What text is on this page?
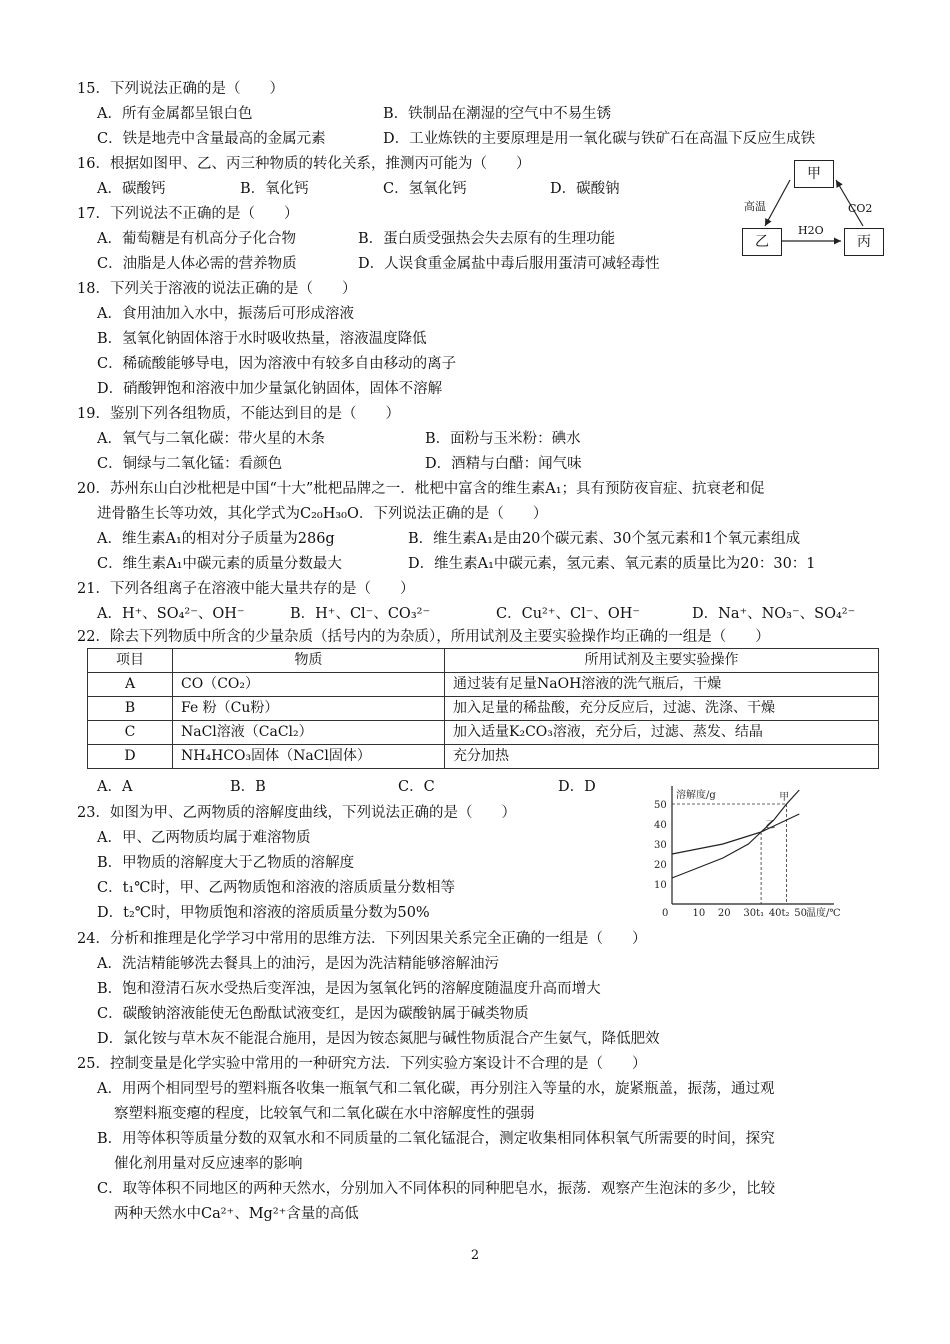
15．下列说法正确的是（　　）
A．所有金属都呈银白色	B．铁制品在潮湿的空气中不易生锈
C．铁是地壳中含量最高的金属元素	D．工业炼铁的主要原理是用一氧化碳与铁矿石在高温下反应生成铁
16．根据如图甲、乙、丙三种物质的转化关系，推测丙可能为（　　）
A．碳酸钙	B．氧化钙	C．氢氧化钙	D．碳酸钠
甲
乙	丙
高温	CO2
H2O
17．下列说法不正确的是（　　）
A．葡萄糖是有机高分子化合物	B．蛋白质受强热会失去原有的生理功能
C．油脂是人体必需的营养物质	D．人误食重金属盐中毒后服用蛋清可减轻毒性
18．下列关于溶液的说法正确的是（　　）
A．食用油加入水中，振荡后可形成溶液
B．氢氧化钠固体溶于水时吸收热量，溶液温度降低
C．稀硫酸能够导电，因为溶液中有较多自由移动的离子
D．硝酸钾饱和溶液中加少量氯化钠固体，固体不溶解
19．鉴别下列各组物质，不能达到目的是（　　）
A．氧气与二氧化碳：带火星的木条	B．面粉与玉米粉：碘水
C．铜绿与二氧化锰：看颜色	D．酒精与白醋：闻气味
20．苏州东山白沙枇杷是中国“十大”枇杷品牌之一．枇杷中富含的维生素A₁；具有预防夜盲症、抗衰老和促
进骨骼生长等功效，其化学式为C₂₀H₃₀O．下列说法正确的是（　　）
A．维生素A₁的相对分子质量为286g	B．维生素A₁是由20个碳元素、30个氢元素和1个氧元素组成
C．维生素A₁中碳元素的质量分数最大	D．维生素A₁中碳元素，氢元素、氧元素的质量比为20：30：1
21．下列各组离子在溶液中能大量共存的是（　　）
A．H⁺、SO₄²⁻、OH⁻	B．H⁺、Cl⁻、CO₃²⁻	C．Cu²⁺、Cl⁻、OH⁻	D．Na⁺、NO₃⁻、SO₄²⁻
22．除去下列物质中所含的少量杂质（括号内的为杂质），所用试剂及主要实验操作均正确的一组是（　　）
项目	物质	所用试剂及主要实验操作
A	CO（CO₂）	通过装有足量NaOH溶液的洗气瓶后，干燥
B	Fe 粉（Cu粉）	加入足量的稀盐酸，充分反应后，过滤、洗涤、干燥
C	NaCl溶液（CaCl₂）	加入适量K₂CO₃溶液，充分后，过滤、蒸发、结晶
D	NH₄HCO₃固体（NaCl固体）	充分加热
A．A	B．B	C．C	D．D
23．如图为甲、乙两物质的溶解度曲线，下列说法正确的是（　　）
A．甲、乙两物质均属于难溶物质
B．甲物质的溶解度大于乙物质的溶解度
C．t₁℃时，甲、乙两物质饱和溶液的溶质质量分数相等
D．t₂℃时，甲物质饱和溶液的溶质质量分数为50%
溶解度/g
温度/℃
0 10 20 30 t₁ 40 t₂ 50
10
20
30
40
50
甲
乙
24．分析和推理是化学学习中常用的思维方法．下列因果关系完全正确的一组是（　　）
A．洗洁精能够洗去餐具上的油污，是因为洗洁精能够溶解油污
B．饱和澄清石灰水受热后变浑浊，是因为氢氧化钙的溶解度随温度升高而增大
C．碳酸钠溶液能使无色酚酞试液变红，是因为碳酸钠属于碱类物质
D．氯化铵与草木灰不能混合施用，是因为铵态氮肥与碱性物质混合产生氨气，降低肥效
25．控制变量是化学实验中常用的一种研究方法．下列实验方案设计不合理的是（　　）
A．用两个相同型号的塑料瓶各收集一瓶氧气和二氧化碳，再分别注入等量的水，旋紧瓶盖，振荡，通过观
察塑料瓶变瘪的程度，比较氧气和二氧化碳在水中溶解度性的强弱
B．用等体积等质量分数的双氧水和不同质量的二氧化锰混合，测定收集相同体积氧气所需要的时间，探究
催化剂用量对反应速率的影响
C．取等体积不同地区的两种天然水，分别加入不同体积的同种肥皂水，振荡．观察产生泡沫的多少，比较
两种天然水中Ca²⁺、Mg²⁺含量的高低
2
